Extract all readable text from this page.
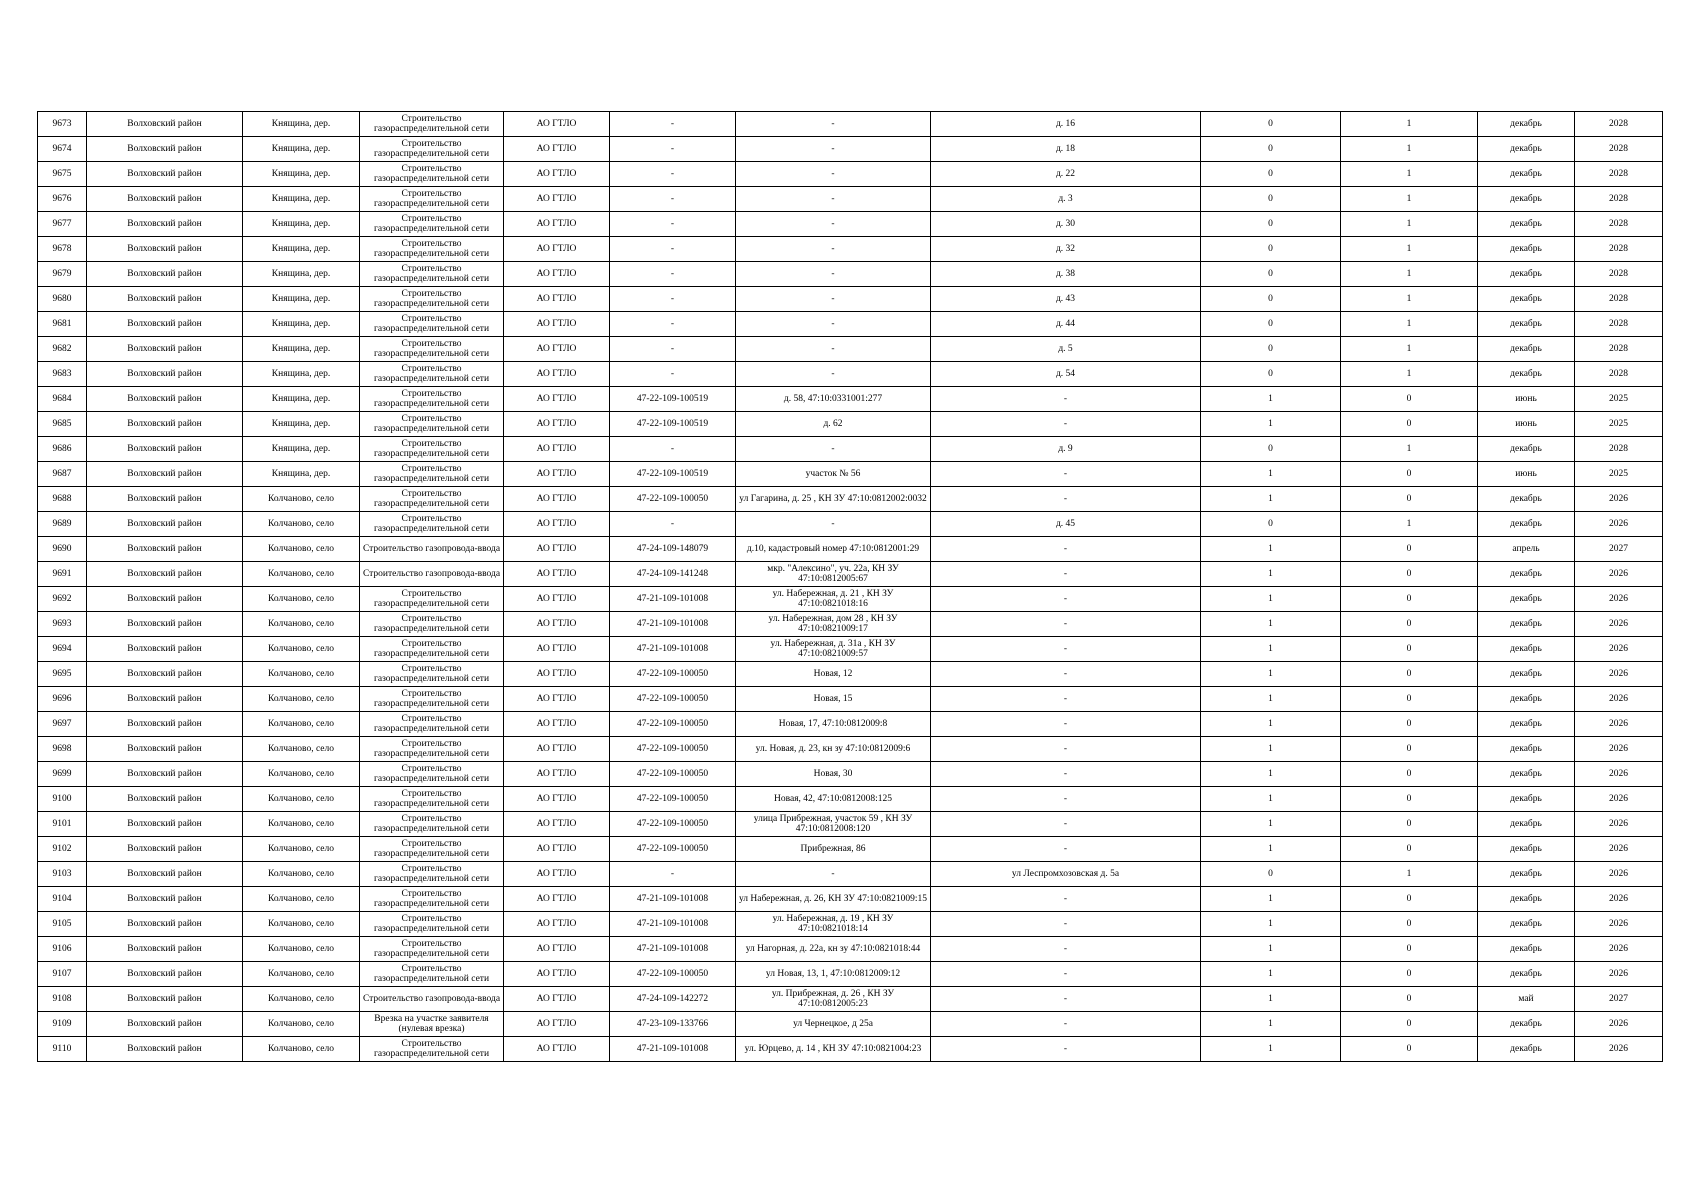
9673	Волховский район	Княщина, дер.	Строительство газораспределительной сети	АО ГТЛО	-	-	д. 16	0	1	декабрь	2028
9674	Волховский район	Княщина, дер.	Строительство газораспределительной сети	АО ГТЛО	-	-	д. 18	0	1	декабрь	2028
9675	Волховский район	Княщина, дер.	Строительство газораспределительной сети	АО ГТЛО	-	-	д. 22	0	1	декабрь	2028
9676	Волховский район	Княщина, дер.	Строительство газораспределительной сети	АО ГТЛО	-	-	д. 3	0	1	декабрь	2028
9677	Волховский район	Княщина, дер.	Строительство газораспределительной сети	АО ГТЛО	-	-	д. 30	0	1	декабрь	2028
9678	Волховский район	Княщина, дер.	Строительство газораспределительной сети	АО ГТЛО	-	-	д. 32	0	1	декабрь	2028
9679	Волховский район	Княщина, дер.	Строительство газораспределительной сети	АО ГТЛО	-	-	д. 38	0	1	декабрь	2028
9680	Волховский район	Княщина, дер.	Строительство газораспределительной сети	АО ГТЛО	-	-	д. 43	0	1	декабрь	2028
9681	Волховский район	Княщина, дер.	Строительство газораспределительной сети	АО ГТЛО	-	-	д. 44	0	1	декабрь	2028
9682	Волховский район	Княщина, дер.	Строительство газораспределительной сети	АО ГТЛО	-	-	д. 5	0	1	декабрь	2028
9683	Волховский район	Княщина, дер.	Строительство газораспределительной сети	АО ГТЛО	-	-	д. 54	0	1	декабрь	2028
9684	Волховский район	Княщина, дер.	Строительство газораспределительной сети	АО ГТЛО	47-22-109-100519	д. 58, 47:10:0331001:277	-	1	0	июнь	2025
9685	Волховский район	Княщина, дер.	Строительство газораспределительной сети	АО ГТЛО	47-22-109-100519	д. 62	-	1	0	июнь	2025
9686	Волховский район	Княщина, дер.	Строительство газораспределительной сети	АО ГТЛО	-	-	д. 9	0	1	декабрь	2028
9687	Волховский район	Княщина, дер.	Строительство газораспределительной сети	АО ГТЛО	47-22-109-100519	участок № 56	-	1	0	июнь	2025
9688	Волховский район	Колчаново, село	Строительство газораспределительной сети	АО ГТЛО	47-22-109-100050	ул Гагарина, д. 25 , КН ЗУ 47:10:0812002:0032	-	1	0	декабрь	2026
9689	Волховский район	Колчаново, село	Строительство газораспределительной сети	АО ГТЛО	-	-	д. 45	0	1	декабрь	2026
9690	Волховский район	Колчаново, село	Строительство газопровода-ввода	АО ГТЛО	47-24-109-148079	д.10, кадастровый номер 47:10:0812001:29	-	1	0	апрель	2027
9691	Волховский район	Колчаново, село	Строительство газопровода-ввода	АО ГТЛО	47-24-109-141248	мкр. "Алексино", уч. 22а, КН ЗУ 47:10:0812005:67	-	1	0	декабрь	2026
9692	Волховский район	Колчаново, село	Строительство газораспределительной сети	АО ГТЛО	47-21-109-101008	ул. Набережная, д. 21 , КН ЗУ 47:10:0821018:16	-	1	0	декабрь	2026
9693	Волховский район	Колчаново, село	Строительство газораспределительной сети	АО ГТЛО	47-21-109-101008	ул. Набережная, дом 28 , КН ЗУ 47:10:0821009:17	-	1	0	декабрь	2026
9694	Волховский район	Колчаново, село	Строительство газораспределительной сети	АО ГТЛО	47-21-109-101008	ул. Набережная, д. 31а , КН ЗУ 47:10:0821009:57	-	1	0	декабрь	2026
9695	Волховский район	Колчаново, село	Строительство газораспределительной сети	АО ГТЛО	47-22-109-100050	Новая, 12	-	1	0	декабрь	2026
9696	Волховский район	Колчаново, село	Строительство газораспределительной сети	АО ГТЛО	47-22-109-100050	Новая, 15	-	1	0	декабрь	2026
9697	Волховский район	Колчаново, село	Строительство газораспределительной сети	АО ГТЛО	47-22-109-100050	Новая, 17, 47:10:0812009:8	-	1	0	декабрь	2026
9698	Волховский район	Колчаново, село	Строительство газораспределительной сети	АО ГТЛО	47-22-109-100050	ул. Новая, д. 23, кн зу 47:10:0812009:6	-	1	0	декабрь	2026
9699	Волховский район	Колчаново, село	Строительство газораспределительной сети	АО ГТЛО	47-22-109-100050	Новая, 30	-	1	0	декабрь	2026
9100	Волховский район	Колчаново, село	Строительство газораспределительной сети	АО ГТЛО	47-22-109-100050	Новая, 42, 47:10:0812008:125	-	1	0	декабрь	2026
9101	Волховский район	Колчаново, село	Строительство газораспределительной сети	АО ГТЛО	47-22-109-100050	улица Прибрежная, участок 59 , КН ЗУ 47:10:0812008:120	-	1	0	декабрь	2026
9102	Волховский район	Колчаново, село	Строительство газораспределительной сети	АО ГТЛО	47-22-109-100050	Прибрежная, 86	-	1	0	декабрь	2026
9103	Волховский район	Колчаново, село	Строительство газораспределительной сети	АО ГТЛО	-	-	ул Леспромхозовская д. 5а	0	1	декабрь	2026
9104	Волховский район	Колчаново, село	Строительство газораспределительной сети	АО ГТЛО	47-21-109-101008	ул Набережная, д. 26, КН ЗУ 47:10:0821009:15	-	1	0	декабрь	2026
9105	Волховский район	Колчаново, село	Строительство газораспределительной сети	АО ГТЛО	47-21-109-101008	ул. Набережная, д. 19 , КН ЗУ 47:10:0821018:14	-	1	0	декабрь	2026
9106	Волховский район	Колчаново, село	Строительство газораспределительной сети	АО ГТЛО	47-21-109-101008	ул Нагорная, д. 22а, кн зу 47:10:0821018:44	-	1	0	декабрь	2026
9107	Волховский район	Колчаново, село	Строительство газораспределительной сети	АО ГТЛО	47-22-109-100050	ул Новая, 13, 1, 47:10:0812009:12	-	1	0	декабрь	2026
9108	Волховский район	Колчаново, село	Строительство газопровода-ввода	АО ГТЛО	47-24-109-142272	ул. Прибрежная, д. 26 , КН ЗУ 47:10:0812005:23	-	1	0	май	2027
9109	Волховский район	Колчаново, село	Врезка на участке заявителя (нулевая врезка)	АО ГТЛО	47-23-109-133766	ул Чернецкое, д 25а	-	1	0	декабрь	2026
9110	Волховский район	Колчаново, село	Строительство газораспределительной сети	АО ГТЛО	47-21-109-101008	ул. Юрцево, д. 14 , КН ЗУ 47:10:0821004:23	-	1	0	декабрь	2026
